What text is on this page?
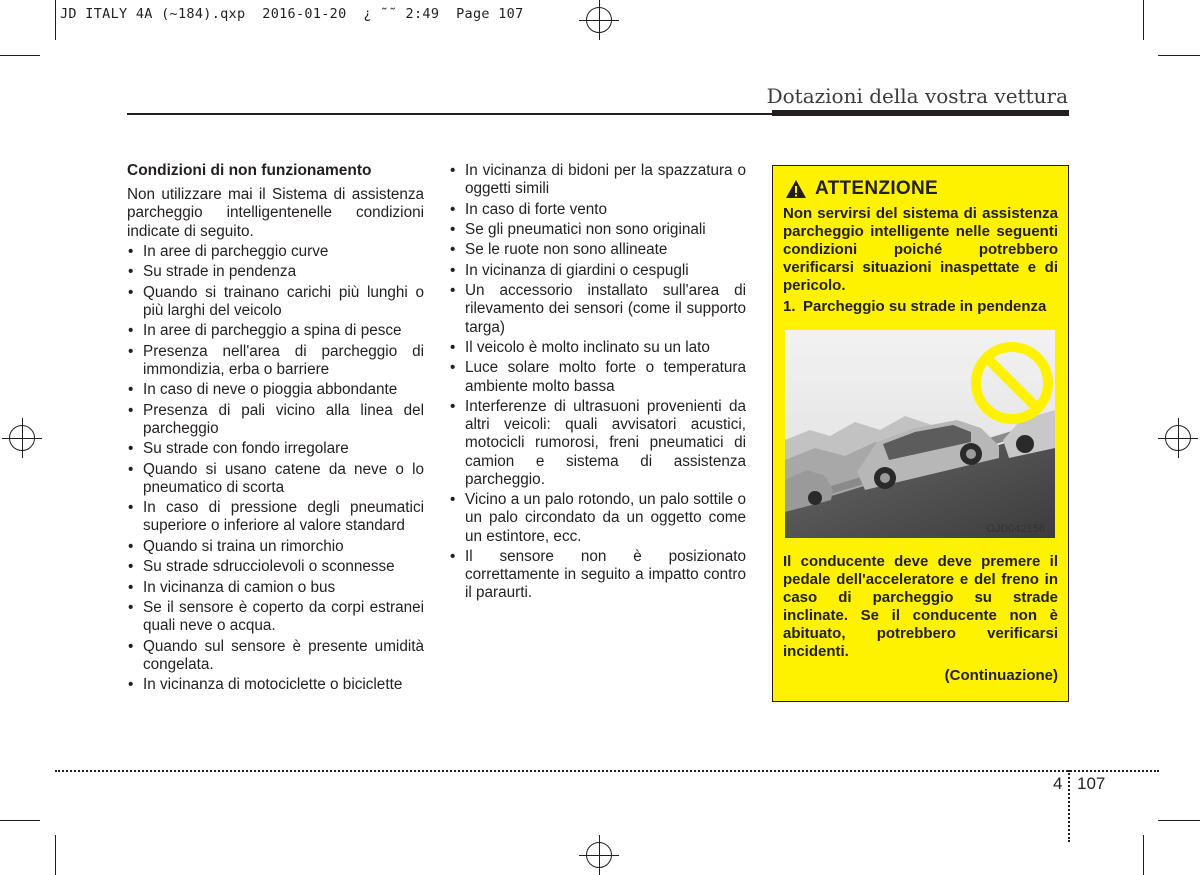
JD ITALY 4A (~184).qxp  2016-01-20  ¿ ˜˜ 2:49  Page 107
Dotazioni della vostra vettura
Condizioni di non funzionamento
Non utilizzare mai il Sistema di assistenza parcheggio intelligentenelle condizioni indicate di seguito.
• In aree di parcheggio curve
• Su strade in pendenza
• Quando si trainano carichi più lunghi o più larghi del veicolo
• In aree di parcheggio a spina di pesce
• Presenza nell'area di parcheggio di immondizia, erba o barriere
• In caso di neve o pioggia abbondante
• Presenza di pali vicino alla linea del parcheggio
• Su strade con fondo irregolare
• Quando si usano catene da neve o lo pneumatico di scorta
• In caso di pressione degli pneumatici superiore o inferiore al valore standard
• Quando si traina un rimorchio
• Su strade sdrucciolevoli o sconnesse
• In vicinanza di camion o bus
• Se il sensore è coperto da corpi estranei quali neve o acqua.
• Quando sul sensore è presente umidità congelata.
• In vicinanza di motociclette o biciclette
• In vicinanza di bidoni per la spazzatura o oggetti simili
• In caso di forte vento
• Se gli pneumatici non sono originali
• Se le ruote non sono allineate
• In vicinanza di giardini o cespugli
• Un accessorio installato sull'area di rilevamento dei sensori (come il supporto targa)
• Il veicolo è molto inclinato su un lato
• Luce solare molto forte o temperatura ambiente molto bassa
• Interferenze di ultrasuoni provenienti da altri veicoli: quali avvisatori acustici, motocicli rumorosi, freni pneumatici di camion e sistema di assistenza parcheggio.
• Vicino a un palo rotondo, un palo sottile o un palo circondato da un oggetto come un estintore, ecc.
• Il sensore non è posizionato correttamente in seguito a impatto contro il paraurti.
ATTENZIONE
Non servirsi del sistema di assistenza parcheggio intelligente nelle seguenti condizioni poiché potrebbero verificarsi situazioni inaspettate e di pericolo.
1. Parcheggio su strade in pendenza
OJD042156
Il conducente deve deve premere il pedale dell'acceleratore e del freno in caso di parcheggio su strade inclinate. Se il conducente non è abituato, potrebbero verificarsi incidenti.
(Continuazione)
4 107
